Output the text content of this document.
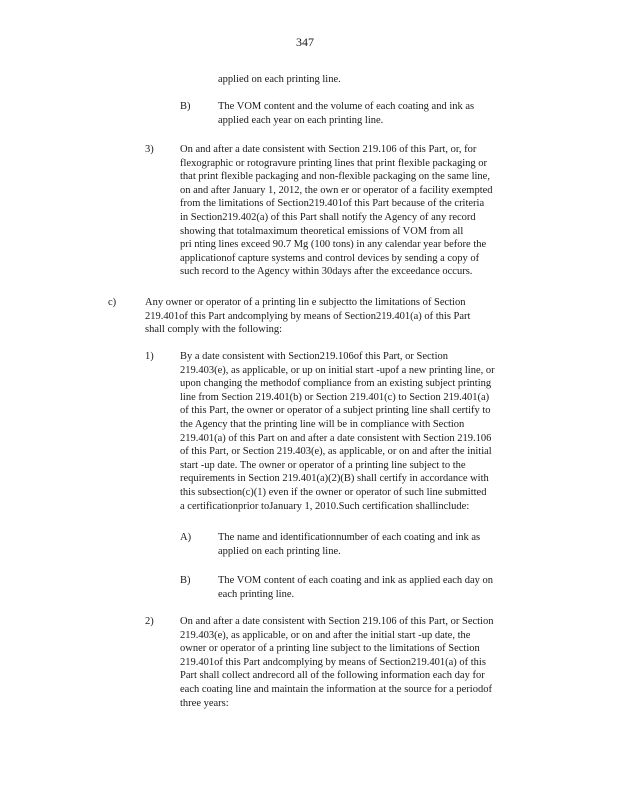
347
applied on each printing line.
B)	The VOM content and the volume of each coating and ink as
applied each year on each printing line.
3)	On and after a date consistent with Section 219.106 of this Part, or, for
flexographic or rotogravure printing lines that print flexible packaging or
that print flexible packaging and non-flexible packaging on the same line,
on and after January 1, 2012, the own er or operator of a facility exempted
from the limitations of Section219.401of this Part because of the criteria
in Section219.402(a) of this Part shall notify the Agency of any record
showing that totalmaximum theoretical emissions of VOM from all
pri nting lines exceed 90.7 Mg (100 tons) in any calendar year before the
applicationof capture systems and control devices by sending a copy of
such record to the Agency within 30days after the exceedance occurs.
c)	Any owner or operator of a printing lin e subjectto the limitations of Section
219.401of this Part andcomplying by means of Section219.401(a) of this Part
shall comply with the following:
1)	By a date consistent with Section219.106of this Part, or Section
219.403(e), as applicable, or up on initial start -upof a new printing line, or
upon changing the methodof compliance from an existing subject printing
line from Section 219.401(b) or Section 219.401(c) to Section 219.401(a)
of this Part, the owner or operator of a subject printing line shall certify to
the Agency that the printing line will be in compliance with Section
219.401(a) of this Part on and after a date consistent with Section 219.106
of this Part, or Section 219.403(e), as applicable, or on and after the initial
start -up date. The owner or operator of a printing line subject to the
requirements in Section 219.401(a)(2)(B) shall certify in accordance with
this subsection(c)(1) even if the owner or operator of such line submitted
a certificationprior toJanuary 1, 2010.Such certification shallinclude:
A)	The name and identificationnumber of each coating and ink as
applied on each printing line.
B)	The VOM content of each coating and ink as applied each day on
each printing line.
2)	On and after a date consistent with Section 219.106 of this Part, or Section
219.403(e), as applicable, or on and after the initial start -up date, the
owner or operator of a printing line subject to the limitations of Section
219.401of this Part andcomplying by means of Section219.401(a) of this
Part shall collect andrecord all of the following information each day for
each coating line and maintain the information at the source for a periodof
three years:
